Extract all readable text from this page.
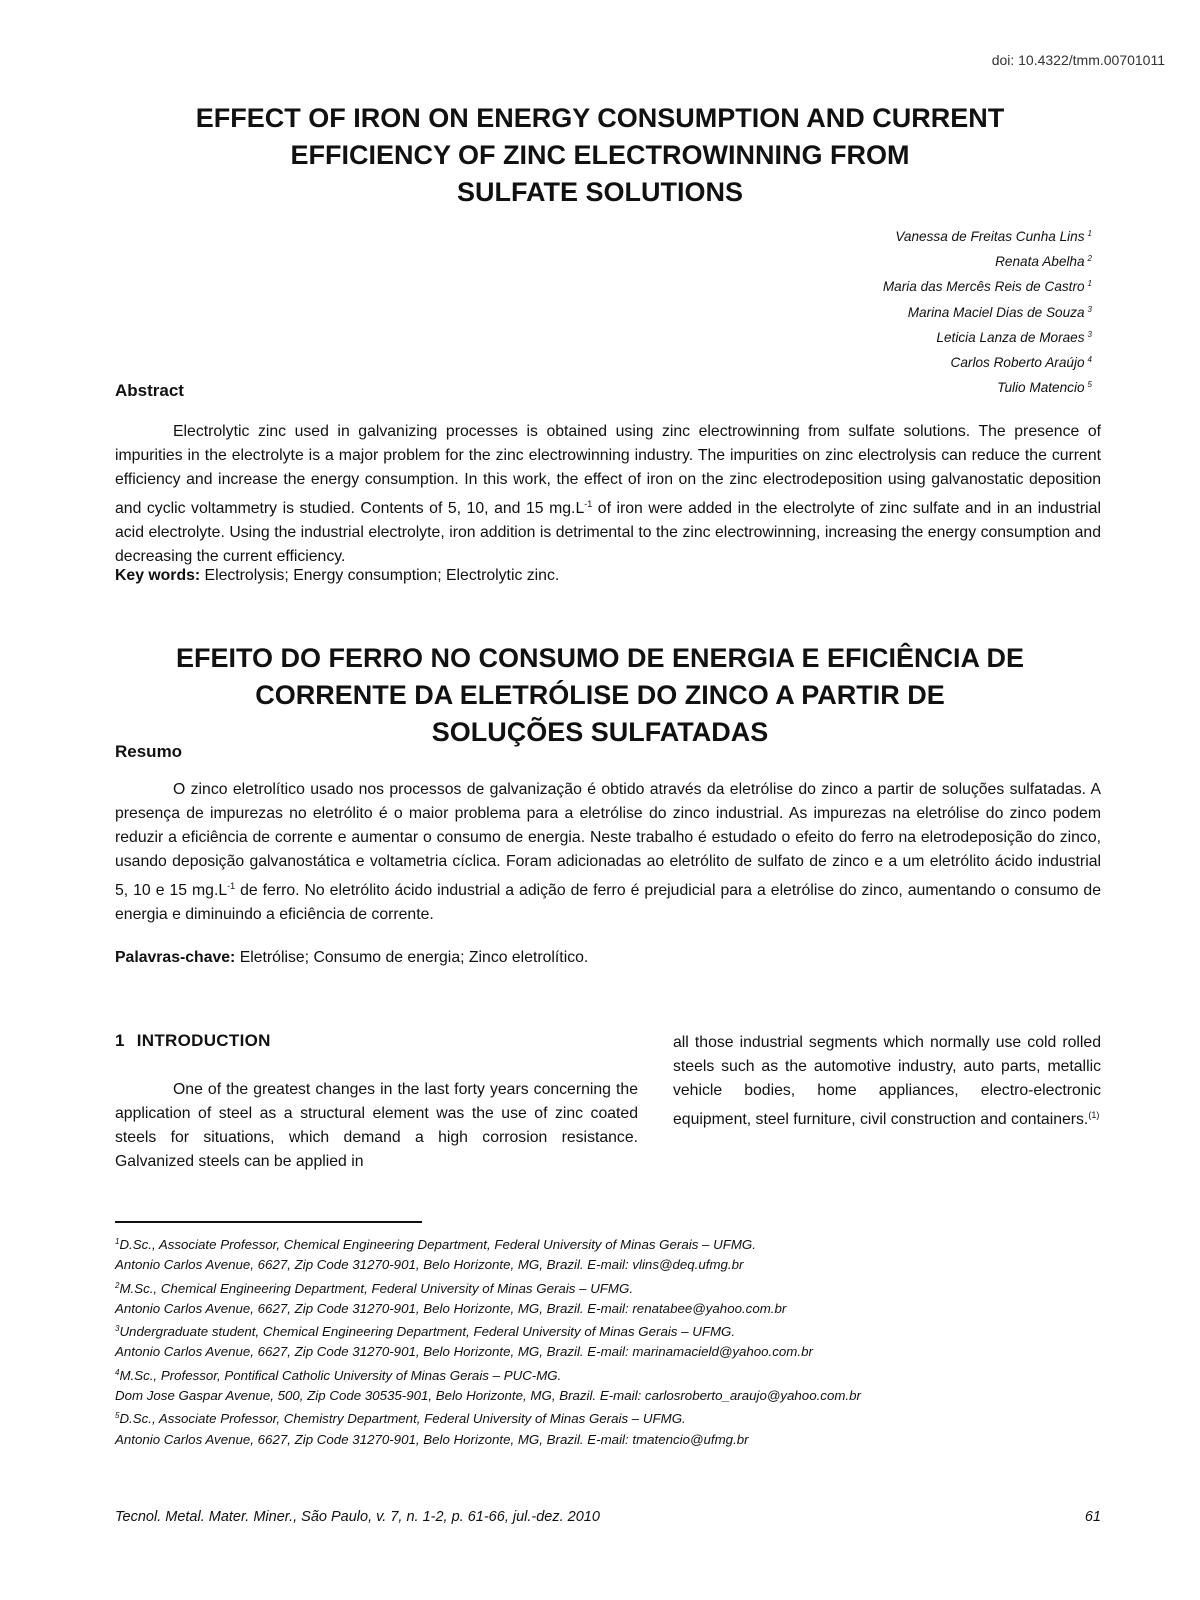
doi: 10.4322/tmm.00701011
EFFECT OF IRON ON ENERGY CONSUMPTION AND CURRENT
EFFICIENCY OF ZINC ELECTROWINNING FROM
SULFATE SOLUTIONS
Vanessa de Freitas Cunha Lins $^1$
Renata Abelha $^2$
Maria das Mercês Reis de Castro $^1$
Marina Maciel Dias de Souza $^3$
Leticia Lanza de Moraes $^3$
Carlos Roberto Araújo $^4$
Tulio Matencio $^5$
Abstract

Electrolytic zinc used in galvanizing processes is obtained using zinc electrowinning from sulfate solutions. The presence of impurities in the electrolyte is a major problem for the zinc electrowinning industry. The impurities on zinc electrolysis can reduce the current efficiency and increase the energy consumption. In this work, the effect of iron on the zinc electrodeposition using galvanostatic deposition and cyclic voltammetry is studied. Contents of 5, 10, and 15 $mg.L^{-1}$ of iron were added in the electrolyte of zinc sulfate and in an industrial acid electrolyte. Using the industrial electrolyte, iron addition is detrimental to the zinc electrowinning, increasing the energy consumption and decreasing the current efficiency.

Key words: Electrolysis; Energy consumption; Electrolytic zinc.

EFEITO DO FERRO NO CONSUMO DE ENERGIA E EFICIÊNCIA DE
CORRENTE DA ELETRÓLISE DO ZINCO A PARTIR DE
SOLUÇÕES SULFATADAS
Resumo

O zinco eletrolítico usado nos processos de galvanização é obtido através da eletrólise do zinco a partir de soluções sulfatadas. A presença de impurezas no eletrólito é o maior problema para a eletrólise do zinco industrial. As impurezas na eletrólise do zinco podem reduzir a eficiência de corrente e aumentar o consumo de energia. Neste trabalho é estudado o efeito do ferro na eletrodeposição do zinco, usando deposição galvanostática e voltametria cíclica. Foram adicionadas ao eletrólito de sulfato de zinco e a um eletrólito ácido industrial 5, 10 e 15 $mg.L^{-1}$ de ferro. No eletrólito ácido industrial a adição de ferro é prejudicial para a eletrólise do zinco, aumentando o consumo de energia e diminuindo a eficiência de corrente.

Palavras-chave: Eletrólise; Consumo de energia; Zinco eletrolítico.

1 INTRODUCTION

One of the greatest changes in the last forty years concerning the application of steel as a structural element was the use of zinc coated steels for situations, which demand a high corrosion resistance. Galvanized steels can be applied in

all those industrial segments which normally use cold rolled steels such as the automotive industry, auto parts, metallic vehicle bodies, home appliances, electro-electronic equipment, steel furniture, civil construction and containers.$^{(1)}$

$^1$D.Sc., Associate Professor, Chemical Engineering Department, Federal University of Minas Gerais – UFMG.
Antonio Carlos Avenue, 6627, Zip Code 31270-901, Belo Horizonte, MG, Brazil. E-mail: vlins@deq.ufmg.br
$^2$M.Sc., Chemical Engineering Department, Federal University of Minas Gerais – UFMG.
Antonio Carlos Avenue, 6627, Zip Code 31270-901, Belo Horizonte, MG, Brazil. E-mail: renatabee@yahoo.com.br
$^3$Undergraduate student, Chemical Engineering Department, Federal University of Minas Gerais – UFMG.
Antonio Carlos Avenue, 6627, Zip Code 31270-901, Belo Horizonte, MG, Brazil. E-mail: marinamacield@yahoo.com.br
$^4$M.Sc., Professor, Pontifical Catholic University of Minas Gerais – PUC-MG.
Dom Jose Gaspar Avenue, 500, Zip Code 30535-901, Belo Horizonte, MG, Brazil. E-mail: carlosroberto_araujo@yahoo.com.br
$^5$D.Sc., Associate Professor, Chemistry Department, Federal University of Minas Gerais – UFMG.
Antonio Carlos Avenue, 6627, Zip Code 31270-901, Belo Horizonte, MG, Brazil. E-mail: tmatencio@ufmg.br
Tecnol. Metal. Mater. Miner., São Paulo, v. 7, n. 1-2, p. 61-66, jul.-dez. 2010	61
